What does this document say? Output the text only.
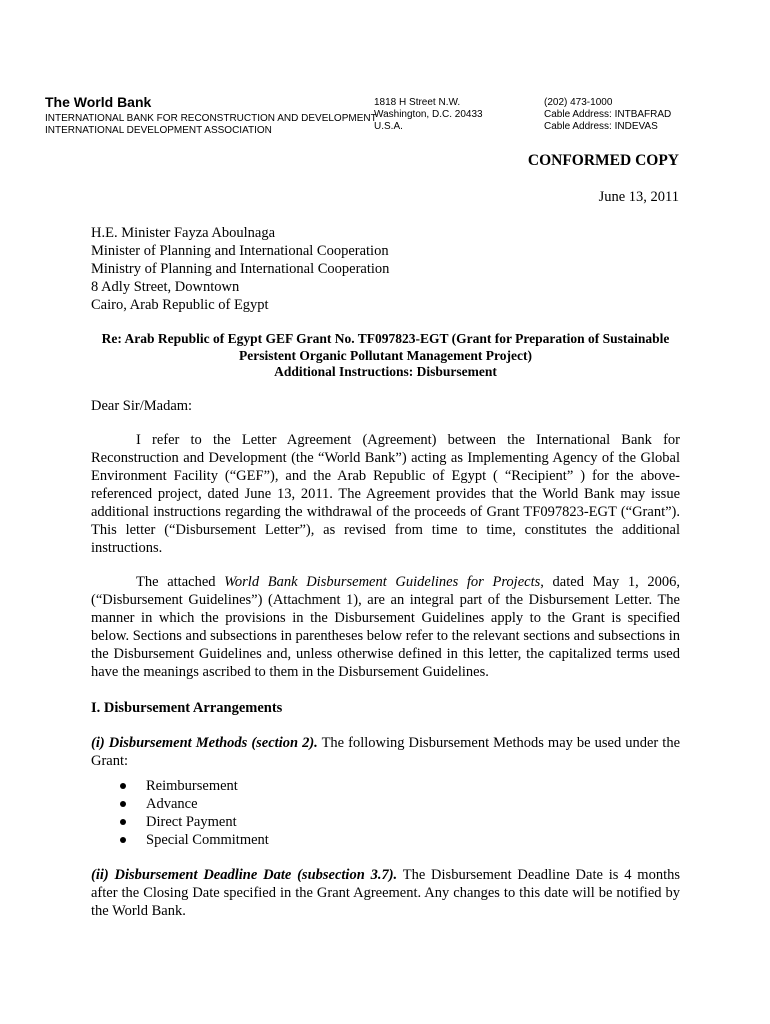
The World Bank
INTERNATIONAL BANK FOR RECONSTRUCTION AND DEVELOPMENT
INTERNATIONAL DEVELOPMENT ASSOCIATION
1818 H Street N.W.
Washington, D.C. 20433
U.S.A.
(202) 473-1000
Cable Address: INTBAFRAD
Cable Address: INDEVAS
CONFORMED COPY
June 13, 2011
H.E. Minister Fayza Aboulnaga
Minister of Planning and International Cooperation
Ministry of Planning and International Cooperation
8 Adly Street, Downtown
Cairo, Arab Republic of Egypt
Re: Arab Republic of Egypt GEF Grant No. TF097823-EGT (Grant for Preparation of Sustainable
Persistent Organic Pollutant Management Project)
Additional Instructions: Disbursement
Dear Sir/Madam:
I refer to the Letter Agreement (Agreement) between the International Bank for Reconstruction and Development (the “World Bank”) acting as Implementing Agency of the Global Environment Facility (“GEF”), and the Arab Republic of Egypt ( “Recipient” ) for the above-referenced project, dated June 13, 2011. The Agreement provides that the World Bank may issue additional instructions regarding the withdrawal of the proceeds of Grant TF097823-EGT (“Grant”). This letter (“Disbursement Letter”), as revised from time to time, constitutes the additional instructions.
The attached World Bank Disbursement Guidelines for Projects, dated May 1, 2006, (“Disbursement Guidelines”) (Attachment 1), are an integral part of the Disbursement Letter. The manner in which the provisions in the Disbursement Guidelines apply to the Grant is specified below. Sections and subsections in parentheses below refer to the relevant sections and subsections in the Disbursement Guidelines and, unless otherwise defined in this letter, the capitalized terms used have the meanings ascribed to them in the Disbursement Guidelines.
I. Disbursement Arrangements
(i) Disbursement Methods (section 2). The following Disbursement Methods may be used under the Grant:
Reimbursement
Advance
Direct Payment
Special Commitment
(ii) Disbursement Deadline Date (subsection 3.7). The Disbursement Deadline Date is 4 months after the Closing Date specified in the Grant Agreement. Any changes to this date will be notified by the World Bank.
